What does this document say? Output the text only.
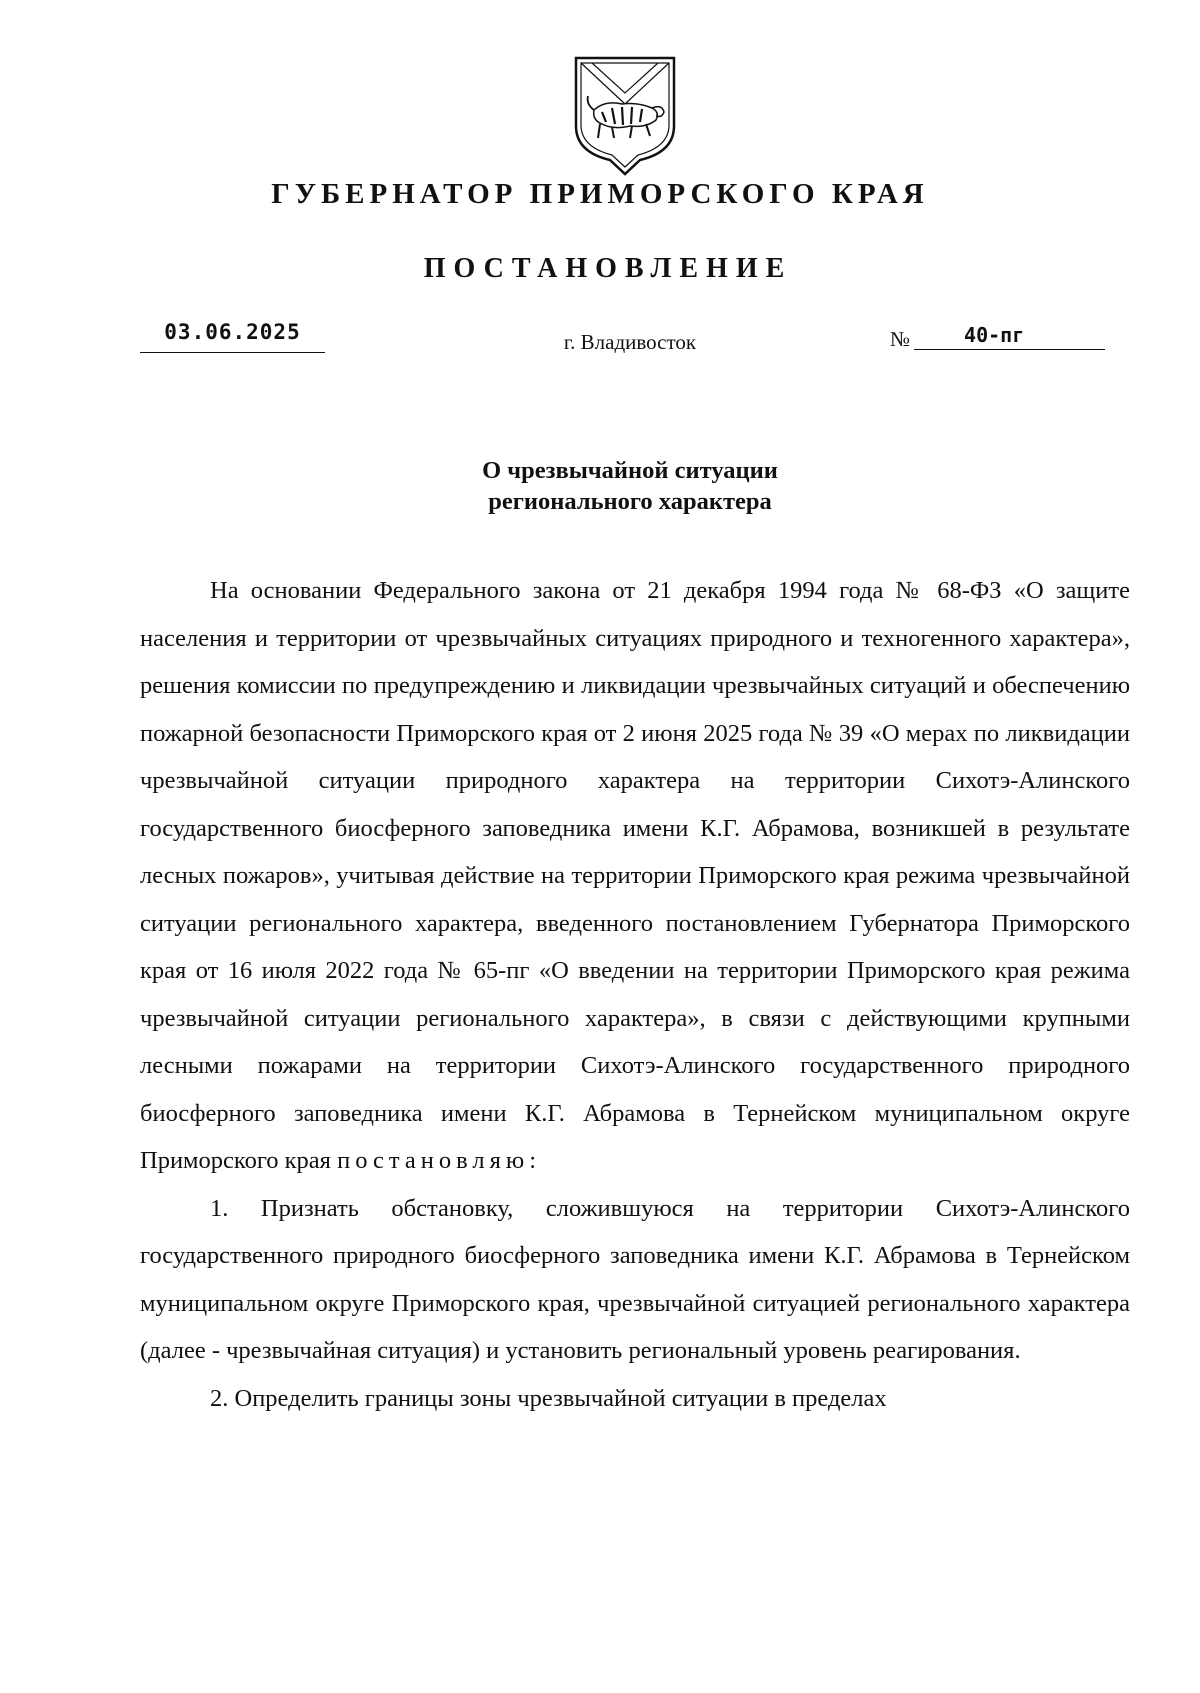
ГУБЕРНАТОР ПРИМОРСКОГО КРАЯ
ПОСТАНОВЛЕНИЕ
03.06.2025	г. Владивосток	№	40-пг
О чрезвычайной ситуации
регионального характера

На основании Федерального закона от 21 декабря 1994 года № 68-ФЗ «О защите населения и территории от чрезвычайных ситуациях природного и техногенного характера», решения комиссии по предупреждению и ликвидации чрезвычайных ситуаций и обеспечению пожарной безопасности Приморского края от 2 июня 2025 года № 39 «О мерах по ликвидации чрезвычайной ситуации природного характера на территории Сихотэ-Алинского государственного биосферного заповедника имени К.Г. Абрамова, возникшей в результате лесных пожаров», учитывая действие на территории Приморского края режима чрезвычайной ситуации регионального характера, введенного постановлением Губернатора Приморского края от 16 июля 2022 года № 65-пг «О введении на территории Приморского края режима чрезвычайной ситуации регионального характера», в связи с действующими крупными лесными пожарами на территории Сихотэ-Алинского государственного природного биосферного заповедника имени К.Г. Абрамова в Тернейском муниципальном округе Приморского края постановляю:

1. Признать обстановку, сложившуюся на территории Сихотэ-Алинского государственного природного биосферного заповедника имени К.Г. Абрамова в Тернейском муниципальном округе Приморского края, чрезвычайной ситуацией регионального характера (далее - чрезвычайная ситуация) и установить региональный уровень реагирования.

2. Определить границы зоны чрезвычайной ситуации в пределах
